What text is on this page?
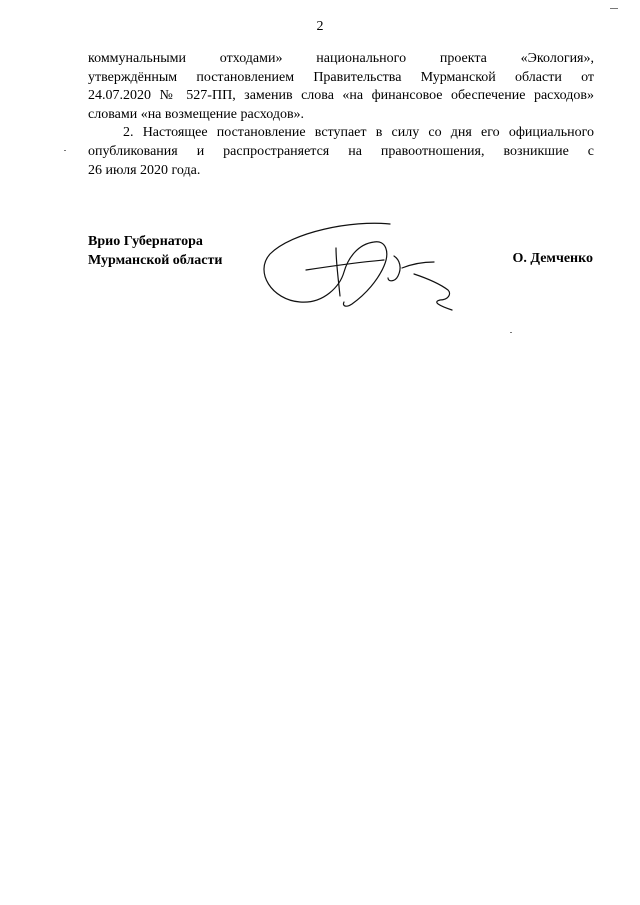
2

коммунальными отходами» национального проекта «Экология»,
утверждённым постановлением Правительства Мурманской области от
24.07.2020 № 527-ПП, заменив слова «на финансовое обеспечение расходов»
словами «на возмещение расходов».

2. Настоящее постановление вступает в силу со дня его официального
опубликования и распространяется на правоотношения, возникшие с
26 июля 2020 года.

Врио Губернатора
Мурманской области	О. Демченко
